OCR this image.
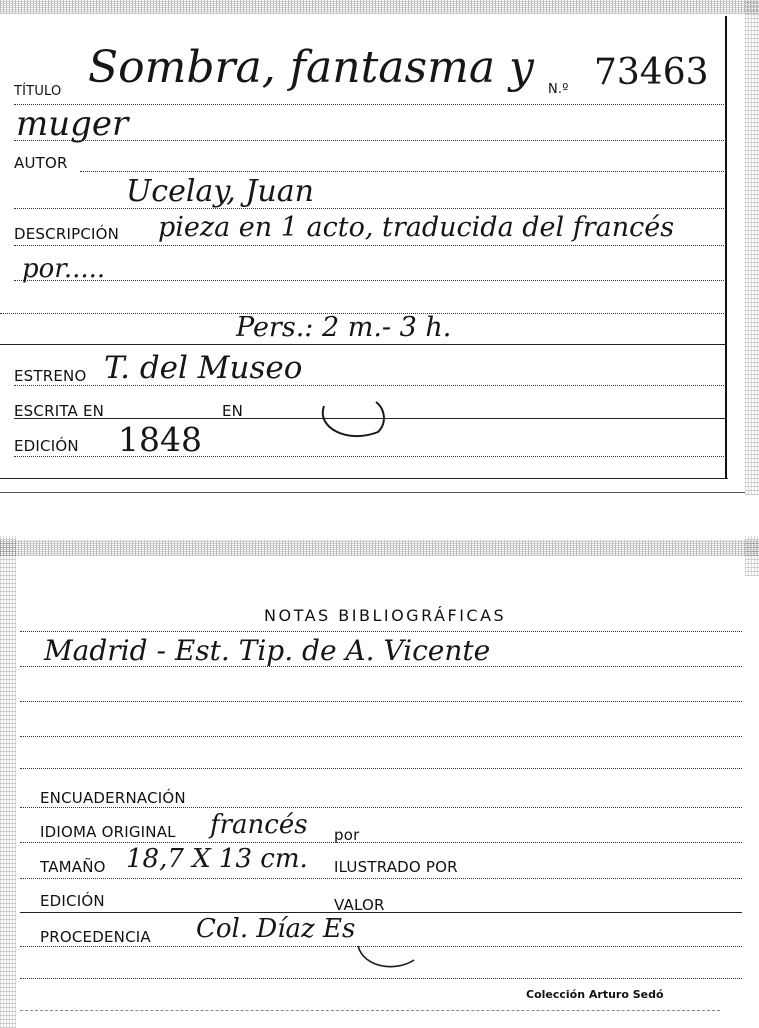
TÍTULO Sombra, fantasma y N.º 73463
muger
AUTOR
Ucelay, Juan
DESCRIPCIÓN pieza en 1 acto, traducida del francés
por.....
Pers.: 2 m.- 3 h.
ESTRENO T. del Museo
ESCRITA EN	EN
EDICIÓN 1848
NOTAS BIBLIOGRÁFICAS
Madrid - Est. Tip. de A. Vicente
ENCUADERNACIÓN
IDIOMA ORIGINAL francés por
TAMAÑO 18,7 X 13 cm. ILUSTRADO POR
EDICIÓN	VALOR
PROCEDENCIA Col. Díaz Es
Colección Arturo Sedó
